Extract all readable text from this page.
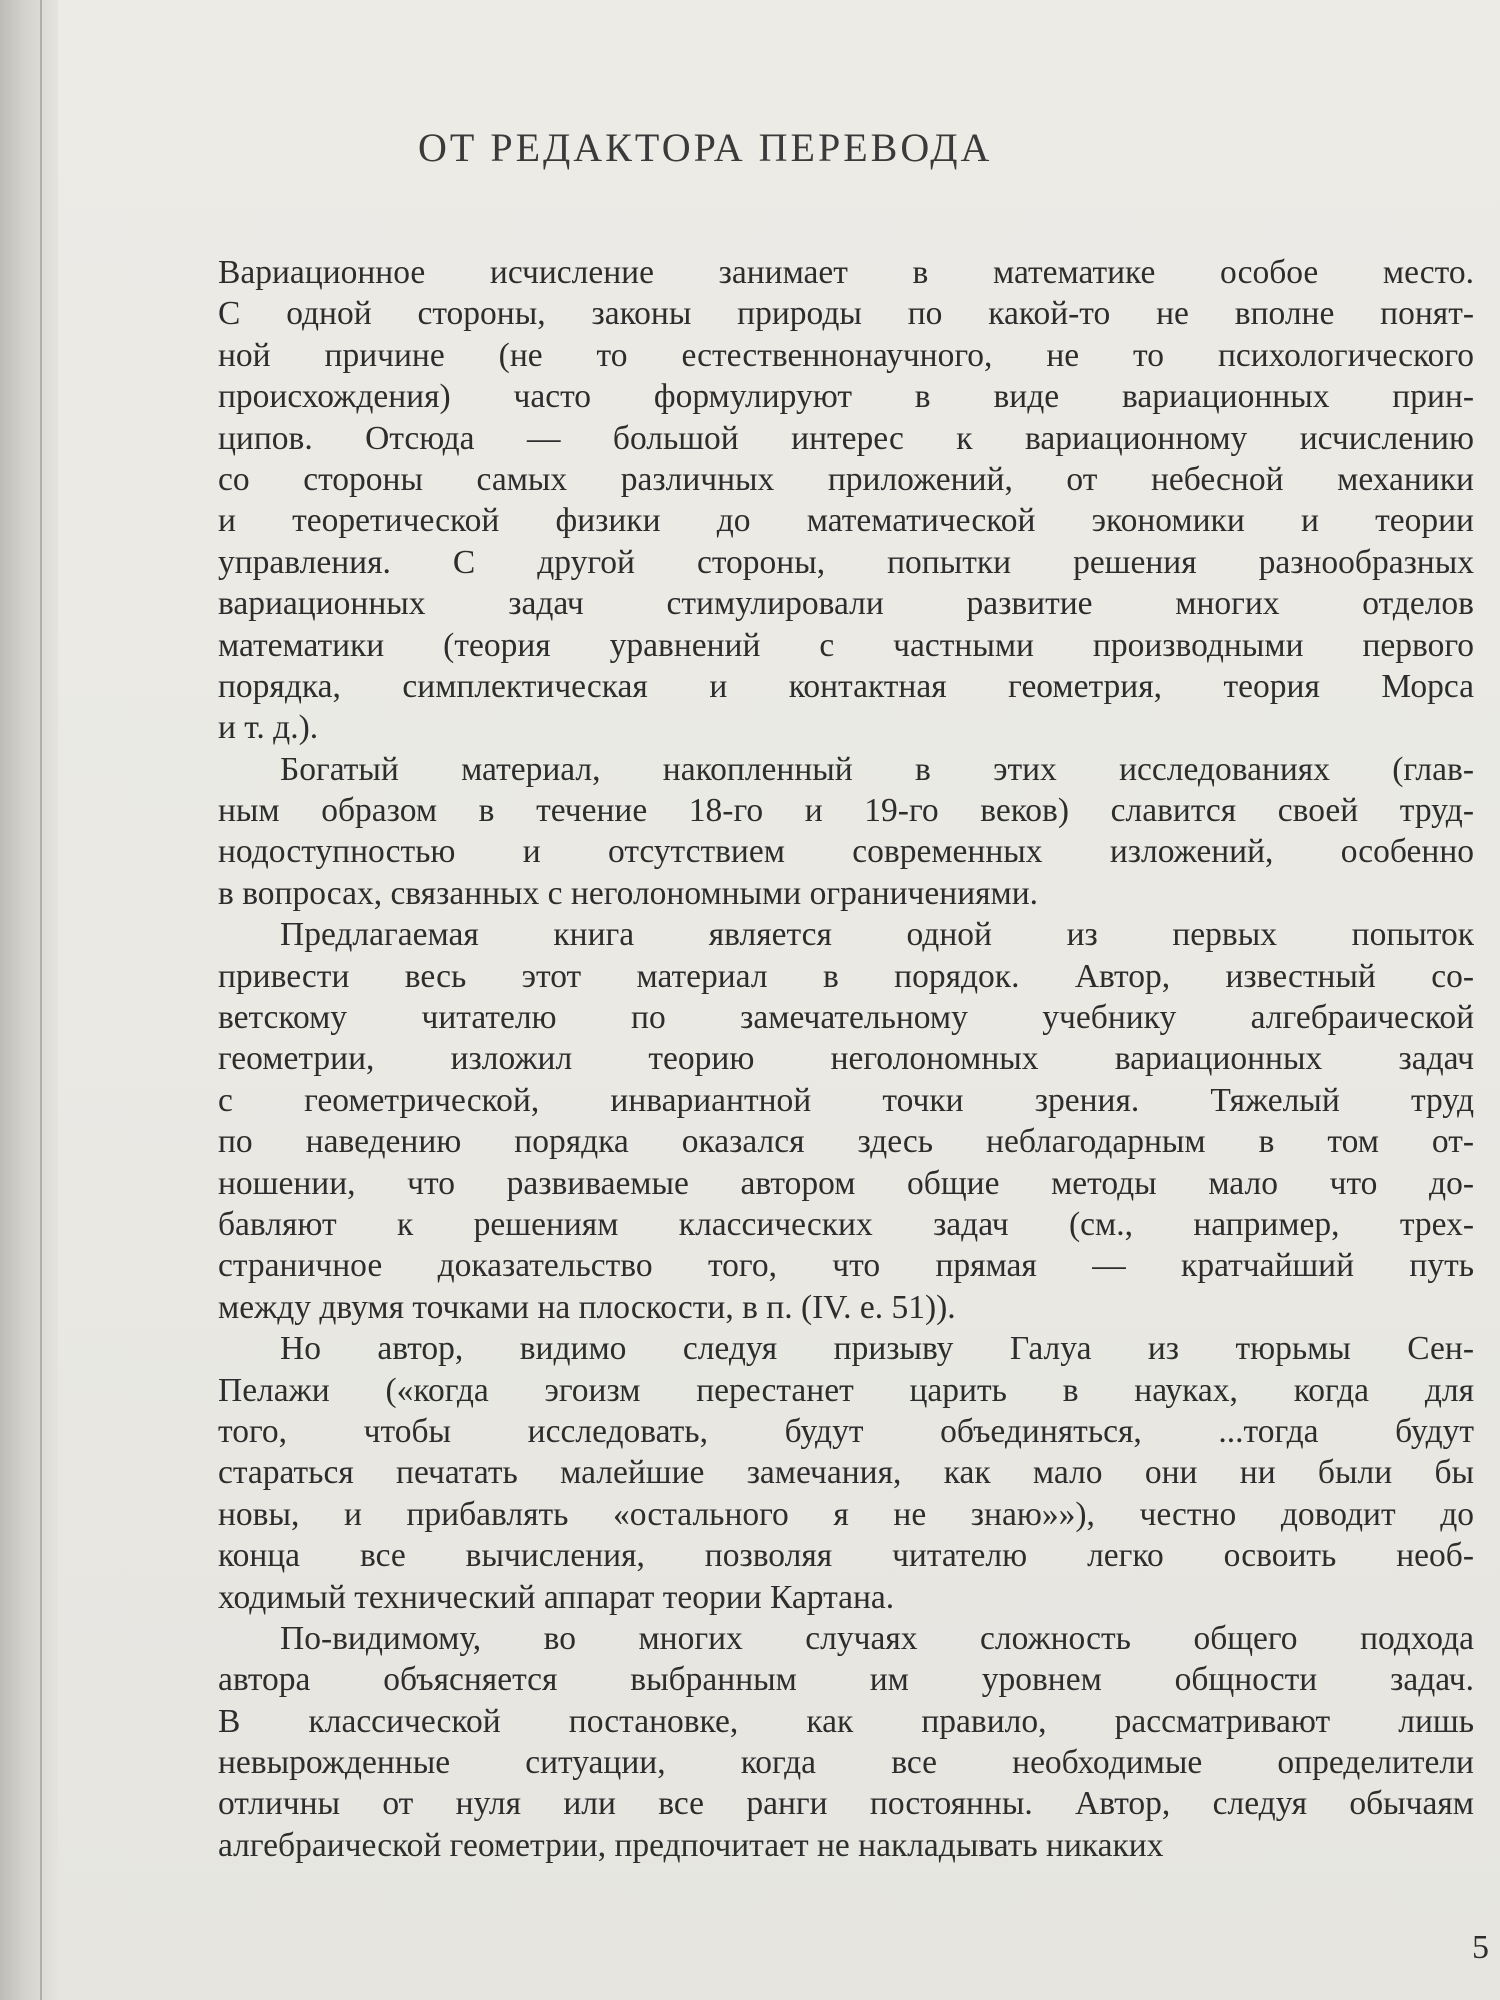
ОТ РЕДАКТОРА ПЕРЕВОДА

Вариационное исчисление занимает в математике особое место.
С одной стороны, законы природы по какой-то не вполне понят-
ной причине (не то естественнонаучного, не то психологического
происхождения) часто формулируют в виде вариационных прин-
ципов. Отсюда — большой интерес к вариационному исчислению
со стороны самых различных приложений, от небесной механики
и теоретической физики до математической экономики и теории
управления. С другой стороны, попытки решения разнообразных
вариационных задач стимулировали развитие многих отделов
математики (теория уравнений с частными производными первого
порядка, симплектическая и контактная геометрия, теория Морса
и т. д.).

Богатый материал, накопленный в этих исследованиях (глав-
ным образом в течение 18-го и 19-го веков) славится своей труд-
нодоступностью и отсутствием современных изложений, особенно
в вопросах, связанных с неголономными ограничениями.

Предлагаемая книга является одной из первых попыток
привести весь этот материал в порядок. Автор, известный со-
ветскому читателю по замечательному учебнику алгебраической
геометрии, изложил теорию неголономных вариационных задач
с геометрической, инвариантной точки зрения. Тяжелый труд
по наведению порядка оказался здесь неблагодарным в том от-
ношении, что развиваемые автором общие методы мало что до-
бавляют к решениям классических задач (см., например, трех-
страничное доказательство того, что прямая — кратчайший путь
между двумя точками на плоскости, в п. (IV. е. 51)).

Но автор, видимо следуя призыву Галуа из тюрьмы Сен-
Пелажи («когда эгоизм перестанет царить в науках, когда для
того, чтобы исследовать, будут объединяться, ...тогда будут
стараться печатать малейшие замечания, как мало они ни были бы
новы, и прибавлять «остального я не знаю»»), честно доводит до
конца все вычисления, позволяя читателю легко освоить необ-
ходимый технический аппарат теории Картана.

По-видимому, во многих случаях сложность общего подхода
автора объясняется выбранным им уровнем общности задач.
В классической постановке, как правило, рассматривают лишь
невырожденные ситуации, когда все необходимые определители
отличны от нуля или все ранги постоянны. Автор, следуя обычаям
алгебраической геометрии, предпочитает не накладывать никаких

5
